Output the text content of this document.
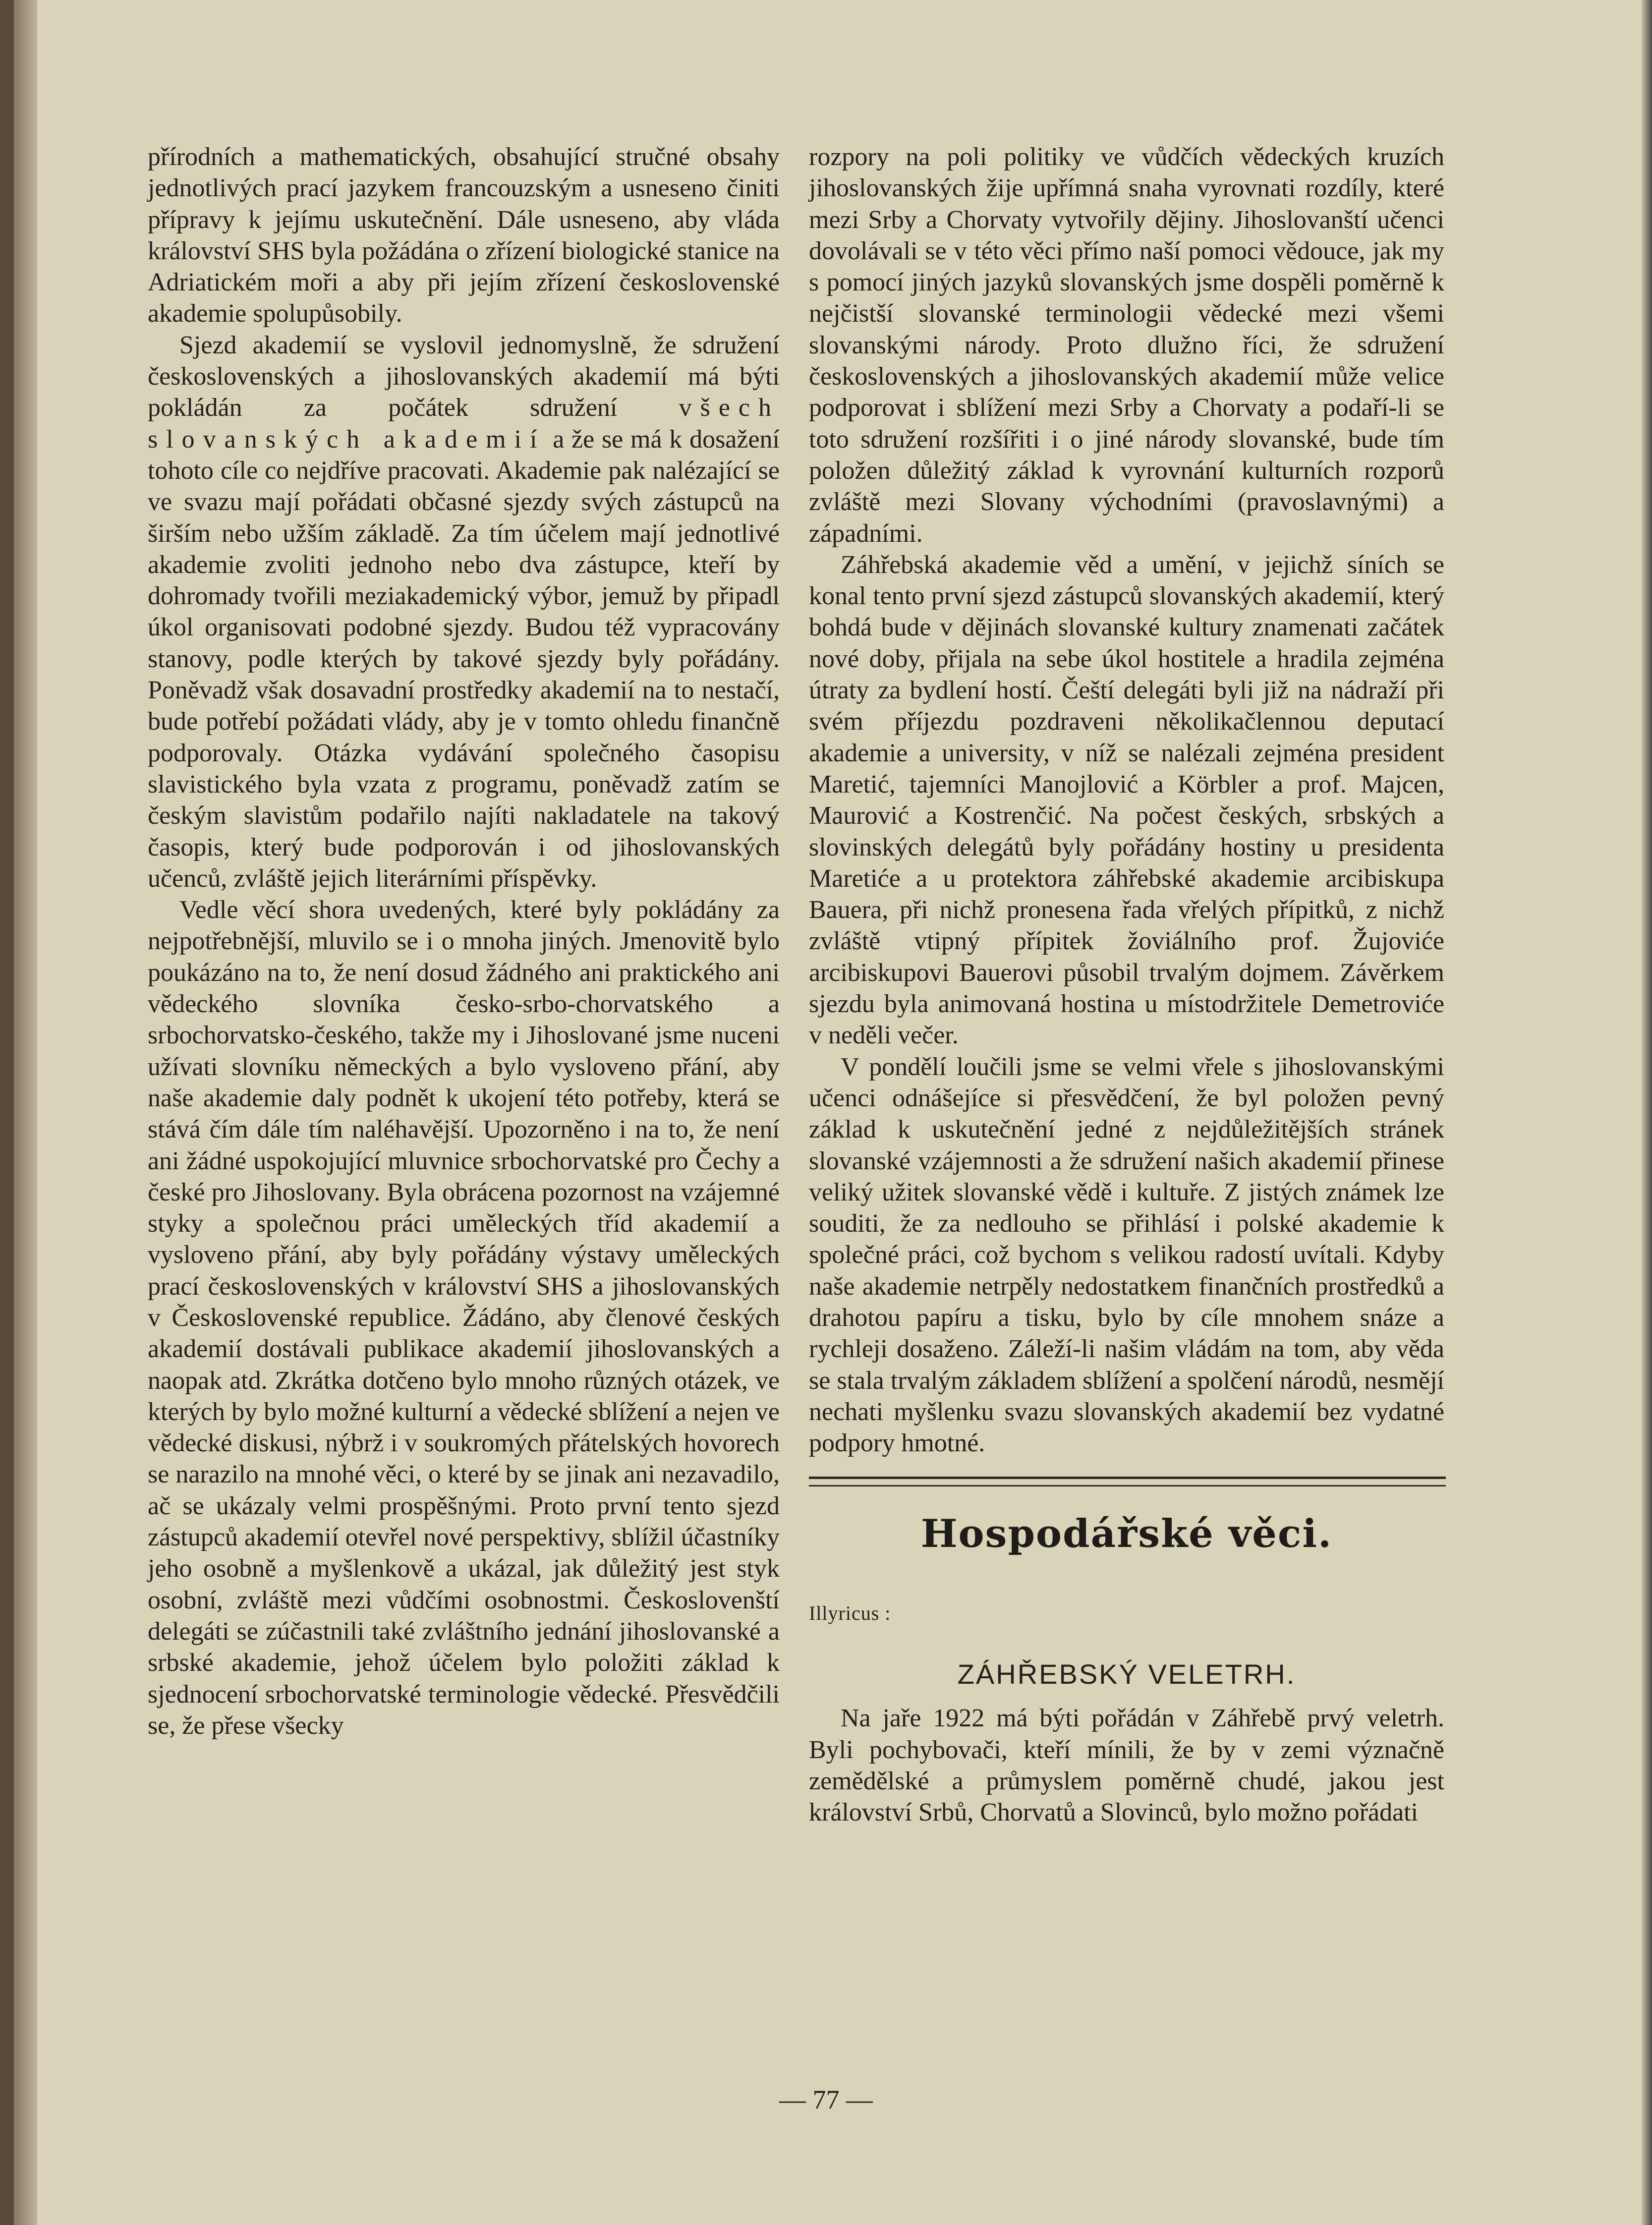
přírodních a mathematických, obsahující stručné obsahy jednotlivých prací jazykem francouzským a usneseno činiti přípravy k jejímu uskutečnění. Dále usneseno, aby vláda království SHS byla požádána o zřízení biologické stanice na Adriatickém moři a aby při jejím zřízení československé akademie spolupůsobily.

Sjezd akademií se vyslovil jednomyslně, že sdružení československých a jihoslovanských akademií má býti pokládán za počátek sdružení všech slovanských akademií a že se má k dosažení tohoto cíle co nejdříve pracovati. Akademie pak nalézající se ve svazu mají pořádati občasné sjezdy svých zástupců na širším nebo užším základě. Za tím účelem mají jednotlivé akademie zvoliti jednoho nebo dva zástupce, kteří by dohromady tvořili meziakademický výbor, jemuž by připadl úkol organisovati podobné sjezdy. Budou též vypracovány stanovy, podle kterých by takové sjezdy byly pořádány. Poněvadž však dosavadní prostředky akademií na to nestačí, bude potřebí požádati vlády, aby je v tomto ohledu finančně podporovaly. Otázka vydávání společného časopisu slavistického byla vzata z programu, poněvadž zatím se českým slavistům podařilo najíti nakladatele na takový časopis, který bude podporován i od jihoslovanských učenců, zvláště jejich literárními příspěvky.

Vedle věcí shora uvedených, které byly pokládány za nejpotřebnější, mluvilo se i o mnoha jiných. Jmenovitě bylo poukázáno na to, že není dosud žádného ani praktického ani vědeckého slovníka česko-srbo-chorvatského a srbochorvatsko-českého, takže my i Jihoslované jsme nuceni užívati slovníku německých a bylo vysloveno přání, aby naše akademie daly podnět k ukojení této potřeby, která se stává čím dále tím naléhavější. Upozorněno i na to, že není ani žádné uspokojující mluvnice srbochorvatské pro Čechy a české pro Jihoslovany. Byla obrácena pozornost na vzájemné styky a společnou práci uměleckých tříd akademií a vysloveno přání, aby byly pořádány výstavy uměleckých prací československých v království SHS a jihoslovanských v Československé republice. Žádáno, aby členové českých akademií dostávali publikace akademií jihoslovanských a naopak atd. Zkrátka dotčeno bylo mnoho různých otázek, ve kterých by bylo možné kulturní a vědecké sblížení a nejen ve vědecké diskusi, nýbrž i v soukromých přátelských hovorech se narazilo na mnohé věci, o které by se jinak ani nezavadilo, ač se ukázaly velmi prospěšnými. Proto první tento sjezd zástupců akademií otevřel nové perspektivy, sblížil účastníky jeho osobně a myšlenkově a ukázal, jak důležitý jest styk osobní, zvláště mezi vůdčími osobnostmi. Českoslovenští delegáti se zúčastnili také zvláštního jednání jihoslovanské a srbské akademie, jehož účelem bylo položiti základ k sjednocení srbochorvatské terminologie vědecké. Přesvědčili se, že přese všecky

rozpory na poli politiky ve vůdčích vědeckých kruzích jihoslovanských žije upřímná snaha vyrovnati rozdíly, které mezi Srby a Chorvaty vytvořily dějiny. Jihoslovanští učenci dovolávali se v této věci přímo naší pomoci vědouce, jak my s pomocí jiných jazyků slovanských jsme dospěli poměrně k nejčistší slovanské terminologii vědecké mezi všemi slovanskými národy. Proto dlužno říci, že sdružení československých a jihoslovanských akademií může velice podporovat i sblížení mezi Srby a Chorvaty a podaří-li se toto sdružení rozšířiti i o jiné národy slovanské, bude tím položen důležitý základ k vyrovnání kulturních rozporů zvláště mezi Slovany východními (pravoslavnými) a západními.

Záhřebská akademie věd a umění, v jejichž síních se konal tento první sjezd zástupců slovanských akademií, který bohdá bude v dějinách slovanské kultury znamenati začátek nové doby, přijala na sebe úkol hostitele a hradila zejména útraty za bydlení hostí. Čeští delegáti byli již na nádraží při svém příjezdu pozdraveni několikačlennou deputací akademie a university, v níž se nalézali zejména president Maretić, tajemníci Manojlović a Körbler a prof. Majcen, Maurović a Kostrenčić. Na počest českých, srbských a slovinských delegátů byly pořádány hostiny u presidenta Maretiće a u protektora záhřebské akademie arcibiskupa Bauera, při nichž pronesena řada vřelých přípitků, z nichž zvláště vtipný přípitek žoviálního prof. Žujoviće arcibiskupovi Bauerovi působil trvalým dojmem. Závěrkem sjezdu byla animovaná hostina u místodržitele Demetroviće v neděli večer.

V pondělí loučili jsme se velmi vřele s jihoslovanskými učenci odnášejíce si přesvědčení, že byl položen pevný základ k uskutečnění jedné z nejdůležitějších stránek slovanské vzájemnosti a že sdružení našich akademií přinese veliký užitek slovanské vědě i kultuře. Z jistých známek lze souditi, že za nedlouho se přihlásí i polské akademie k společné práci, což bychom s velikou radostí uvítali. Kdyby naše akademie netrpěly nedostatkem finančních prostředků a drahotou papíru a tisku, bylo by cíle mnohem snáze a rychleji dosaženo. Záleží-li našim vládám na tom, aby věda se stala trvalým základem sblížení a spolčení národů, nesmějí nechati myšlenku svazu slovanských akademií bez vydatné podpory hmotné.

Hospodářské věci.
Illyricus :
ZÁHŘEBSKÝ VELETRH.

Na jaře 1922 má býti pořádán v Záhřebě prvý veletrh. Byli pochybovači, kteří mínili, že by v zemi význačně zemědělské a průmyslem poměrně chudé, jakou jest království Srbů, Chorvatů a Slovinců, bylo možno pořádati

— 77 —
